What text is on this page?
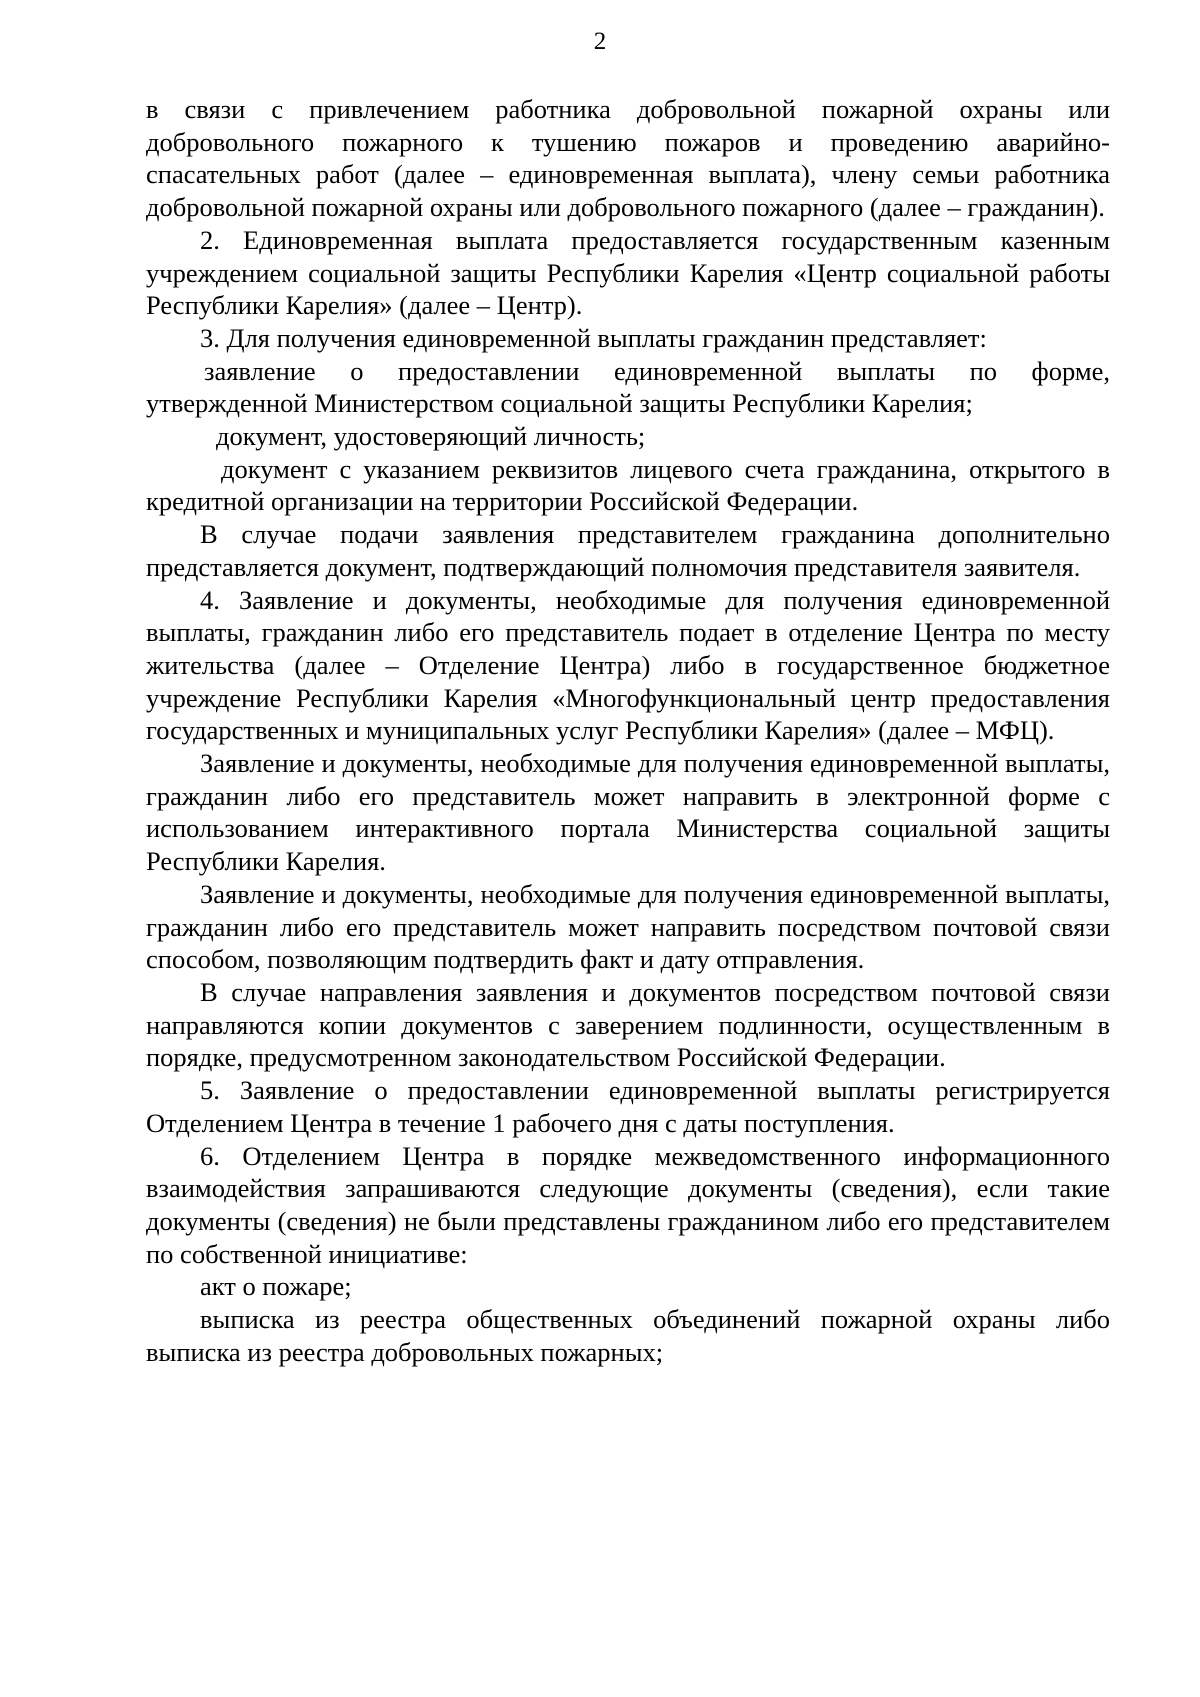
2

в связи с привлечением работника добровольной пожарной охраны или добровольного пожарного к тушению пожаров и проведению аварийно-спасательных работ (далее – единовременная выплата), члену семьи работника добровольной пожарной охраны или добровольного пожарного (далее – гражданин).

2. Единовременная выплата предоставляется государственным казенным учреждением социальной защиты Республики Карелия «Центр социальной работы Республики Карелия» (далее – Центр).

3. Для получения единовременной выплаты гражданин представляет:

заявление о предоставлении единовременной выплаты по форме, утвержденной Министерством социальной защиты Республики Карелия;

документ, удостоверяющий личность;

документ с указанием реквизитов лицевого счета гражданина, открытого в кредитной организации на территории Российской Федерации.

В случае подачи заявления представителем гражданина дополнительно представляется документ, подтверждающий полномочия представителя заявителя.

4. Заявление и документы, необходимые для получения единовременной выплаты, гражданин либо его представитель подает в отделение Центра по месту жительства (далее – Отделение Центра) либо в государственное бюджетное учреждение Республики Карелия «Многофункциональный центр предоставления государственных и муниципальных услуг Республики Карелия» (далее – МФЦ).

Заявление и документы, необходимые для получения единовременной выплаты, гражданин либо его представитель может направить в электронной форме с использованием интерактивного портала Министерства социальной защиты Республики Карелия.

Заявление и документы, необходимые для получения единовременной выплаты, гражданин либо его представитель может направить посредством почтовой связи способом, позволяющим подтвердить факт и дату отправления.

В случае направления заявления и документов посредством почтовой связи направляются копии документов с заверением подлинности, осуществленным в порядке, предусмотренном законодательством Российской Федерации.

5. Заявление о предоставлении единовременной выплаты регистрируется Отделением Центра в течение 1 рабочего дня с даты поступления.

6. Отделением Центра в порядке межведомственного информационного взаимодействия запрашиваются следующие документы (сведения), если такие документы (сведения) не были представлены гражданином либо его представителем по собственной инициативе:

акт о пожаре;

выписка из реестра общественных объединений пожарной охраны либо выписка из реестра добровольных пожарных;
